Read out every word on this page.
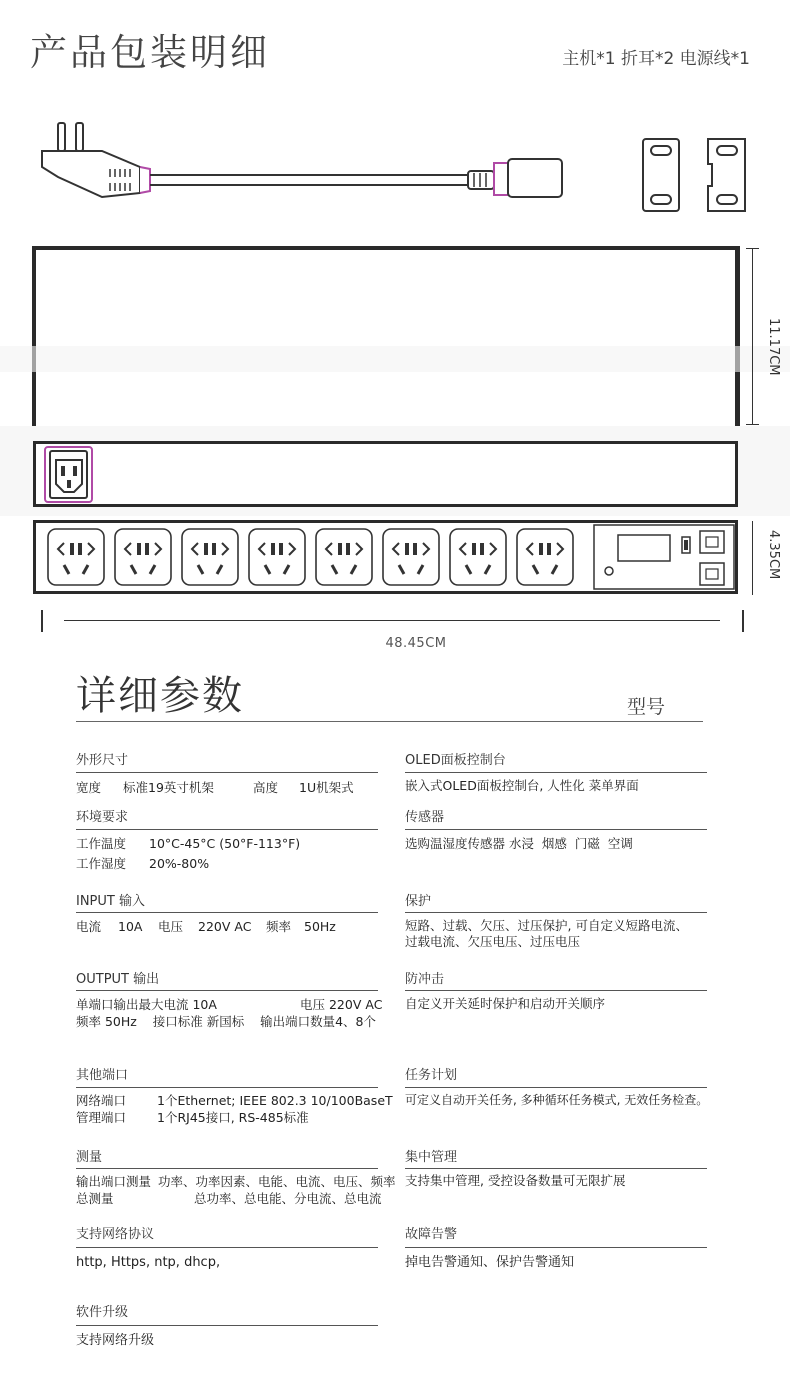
产品包装明细	主机*1 折耳*2 电源线*1
11.17CM
4.35CM
48.45CM
详细参数	型号
外形尺寸
宽度 标准19英寸机架	高度 1U机架式
环境要求
工作温度 10°C-45°C (50°F-113°F)
工作湿度 20%-80%
INPUT 输入
电流 10A 电压 220V AC 频率 50Hz
OUTPUT 输出
单端口输出最大电流 10A	电压 220V AC
频率 50Hz    接口标准 新国标    输出端口数量4、8个
其他端口
网络端口 1个Ethernet; IEEE 802.3 10/100BaseT
管理端口 1个RJ45接口, RS-485标准
测量
输出端口测量 功率、功率因素、电能、电流、电压、频率
总测量	总功率、总电能、分电流、总电流
支持网络协议
http, Https, ntp, dhcp,
软件升级
支持网络升级
OLED面板控制台
嵌入式OLED面板控制台, 人性化 菜单界面
传感器
选购温湿度传感器 水浸  烟感  门磁  空调
保护
短路、过载、欠压、过压保护, 可自定义短路电流、
过载电流、欠压电压、过压电压
防冲击
自定义开关延时保护和启动开关顺序
任务计划
可定义自动开关任务, 多种循环任务模式, 无效任务检查。
集中管理
支持集中管理, 受控设备数量可无限扩展
故障告警
掉电告警通知、保护告警通知
